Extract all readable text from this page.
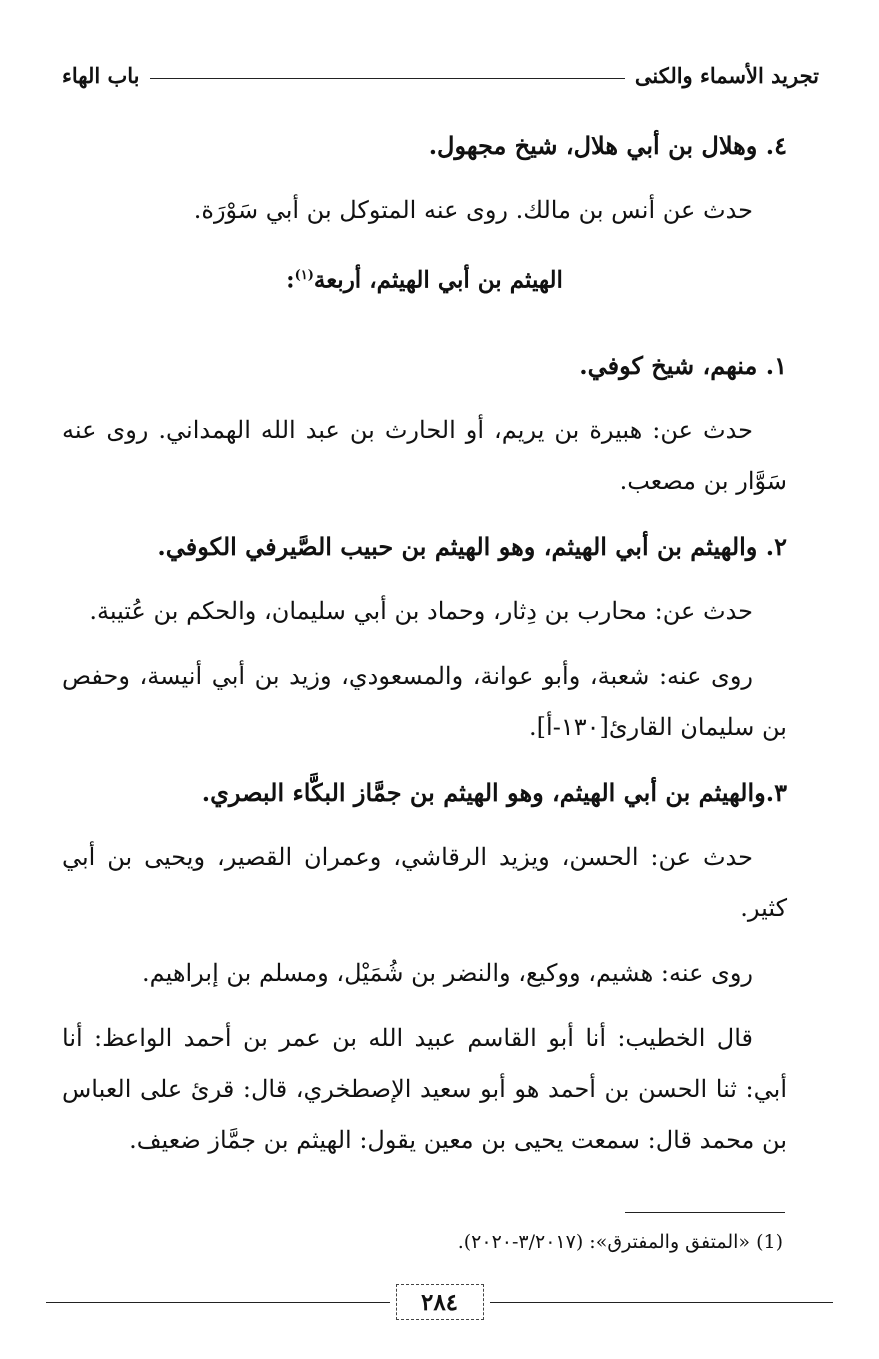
تجريد الأسماء والكنى
باب الهاء

٤. وهلال بن أبي هلال، شيخ مجهول.

حدث عن أنس بن مالك. روى عنه المتوكل بن أبي سَوْرَة.

الهيثم بن أبي الهيثم، أربعة$^{(١)}$:

١. منهم، شيخ كوفي.

حدث عن: هبيرة بن يريم، أو الحارث بن عبد الله الهمداني. روى عنه سَوَّار بن مصعب.

٢. والهيثم بن أبي الهيثم، وهو الهيثم بن حبيب الصَّيرفي الكوفي.

حدث عن: محارب بن دِثار، وحماد بن أبي سليمان، والحكم بن عُتيبة.

روى عنه: شعبة، وأبو عوانة، والمسعودي، وزيد بن أبي أنيسة، وحفص بن سليمان القارئ[١٣٠-أ].

٣.والهيثم بن أبي الهيثم، وهو الهيثم بن جمَّاز البكَّاء البصري.

حدث عن: الحسن، ويزيد الرقاشي، وعمران القصير، ويحيى بن أبي كثير.

روى عنه: هشيم، ووكيع، والنضر بن شُمَيْل، ومسلم بن إبراهيم.

قال الخطيب: أنا أبو القاسم عبيد الله بن عمر بن أحمد الواعظ: أنا أبي: ثنا الحسن بن أحمد هو أبو سعيد الإصطخري، قال: قرئ على العباس بن محمد قال: سمعت يحيى بن معين يقول: الهيثم بن جمَّاز ضعيف.

(1) «المتفق والمفترق»: (٣/٢٠١٧-٢٠٢٠).
٢٨٤
